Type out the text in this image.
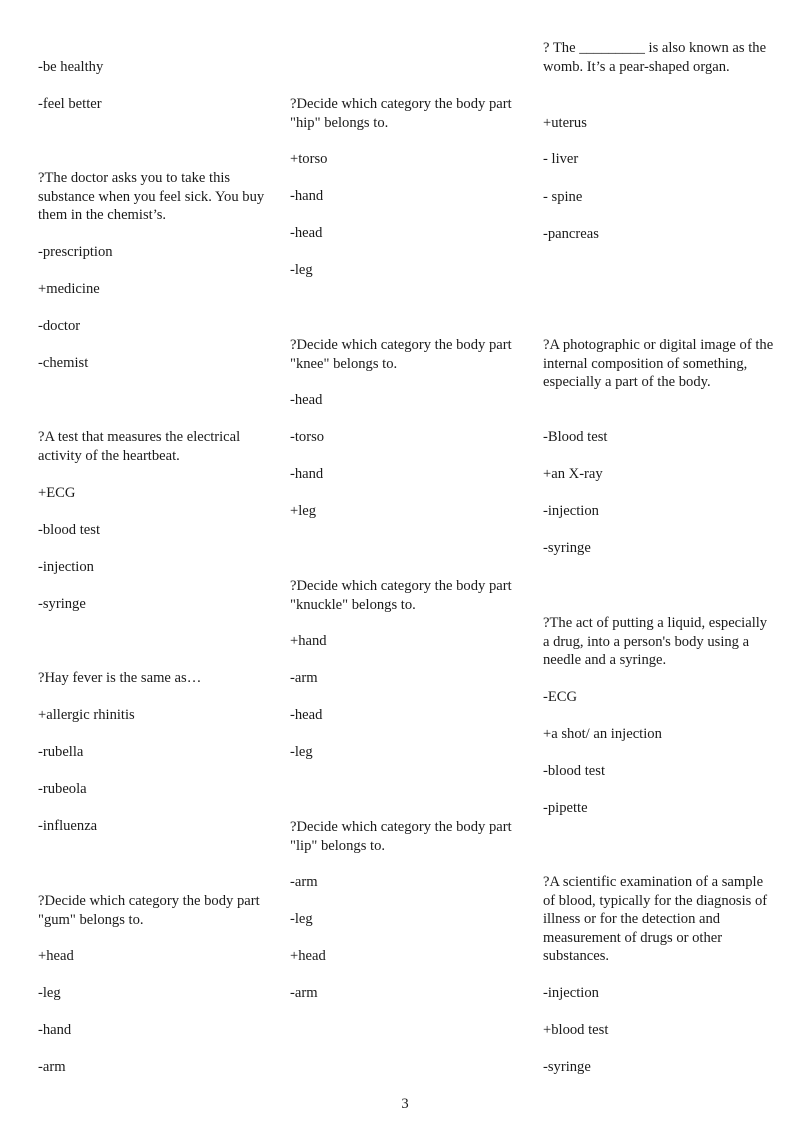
-be healthy

-feel better

?The doctor asks you to take this substance when you feel sick. You buy them in the chemist’s.

-prescription

+medicine

-doctor

-chemist

?A test that measures the electrical activity of the heartbeat.

+ECG

-blood test

-injection

-syringe

?Hay fever is the same as…

+allergic rhinitis

-rubella

-rubeola

-influenza

?Decide which category the body part "gum" belongs to.

+head

-leg

-hand

-arm

?Decide which category the body part "hip" belongs to.

+torso

-hand

-head

-leg

?Decide which category the body part "knee" belongs to.

-head

-torso

-hand

+leg

?Decide which category the body part "knuckle" belongs to.

+hand

-arm

-head

-leg

?Decide which category the body part "lip" belongs to.

-arm

-leg

+head

-arm

? The _________ is also known as the womb. It’s a pear-shaped organ.

+uterus

- liver

- spine

-pancreas

?A photographic or digital image of the internal composition of something, especially a part of the body.

-Blood test

+an X-ray

-injection

-syringe

?The act of putting a liquid, especially a drug, into a person's body using a needle and a syringe.

-ECG

+a shot/ an injection

-blood test

-pipette

?A scientific examination of a sample of blood, typically for the diagnosis of illness or for the detection and measurement of drugs or other substances.

-injection

+blood test

-syringe

3
